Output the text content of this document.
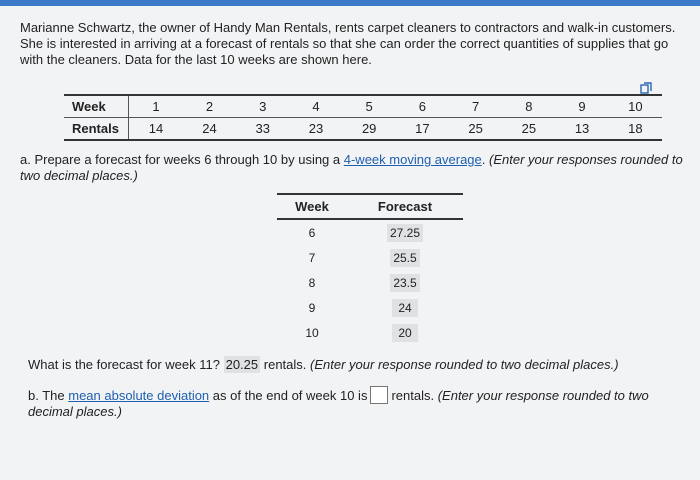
Marianne Schwartz, the owner of Handy Man Rentals, rents carpet cleaners to contractors and walk-in customers. She is interested in arriving at a forecast of rentals so that she can order the correct quantities of supplies that go with the cleaners. Data for the last 10 weeks are shown here.
Week	1	2	3	4	5	6	7	8	9	10
Rentals	14	24	33	23	29	17	25	25	13	18
a. Prepare a forecast for weeks 6 through 10 by using a 4-week moving average. (Enter your responses rounded to two decimal places.)
Week	Forecast
6	27.25
7	25.5
8	23.5
9	24
10	20
What is the forecast for week 11? 20.25 rentals. (Enter your response rounded to two decimal places.)
b. The mean absolute deviation as of the end of week 10 is rentals. (Enter your response rounded to two decimal places.)
